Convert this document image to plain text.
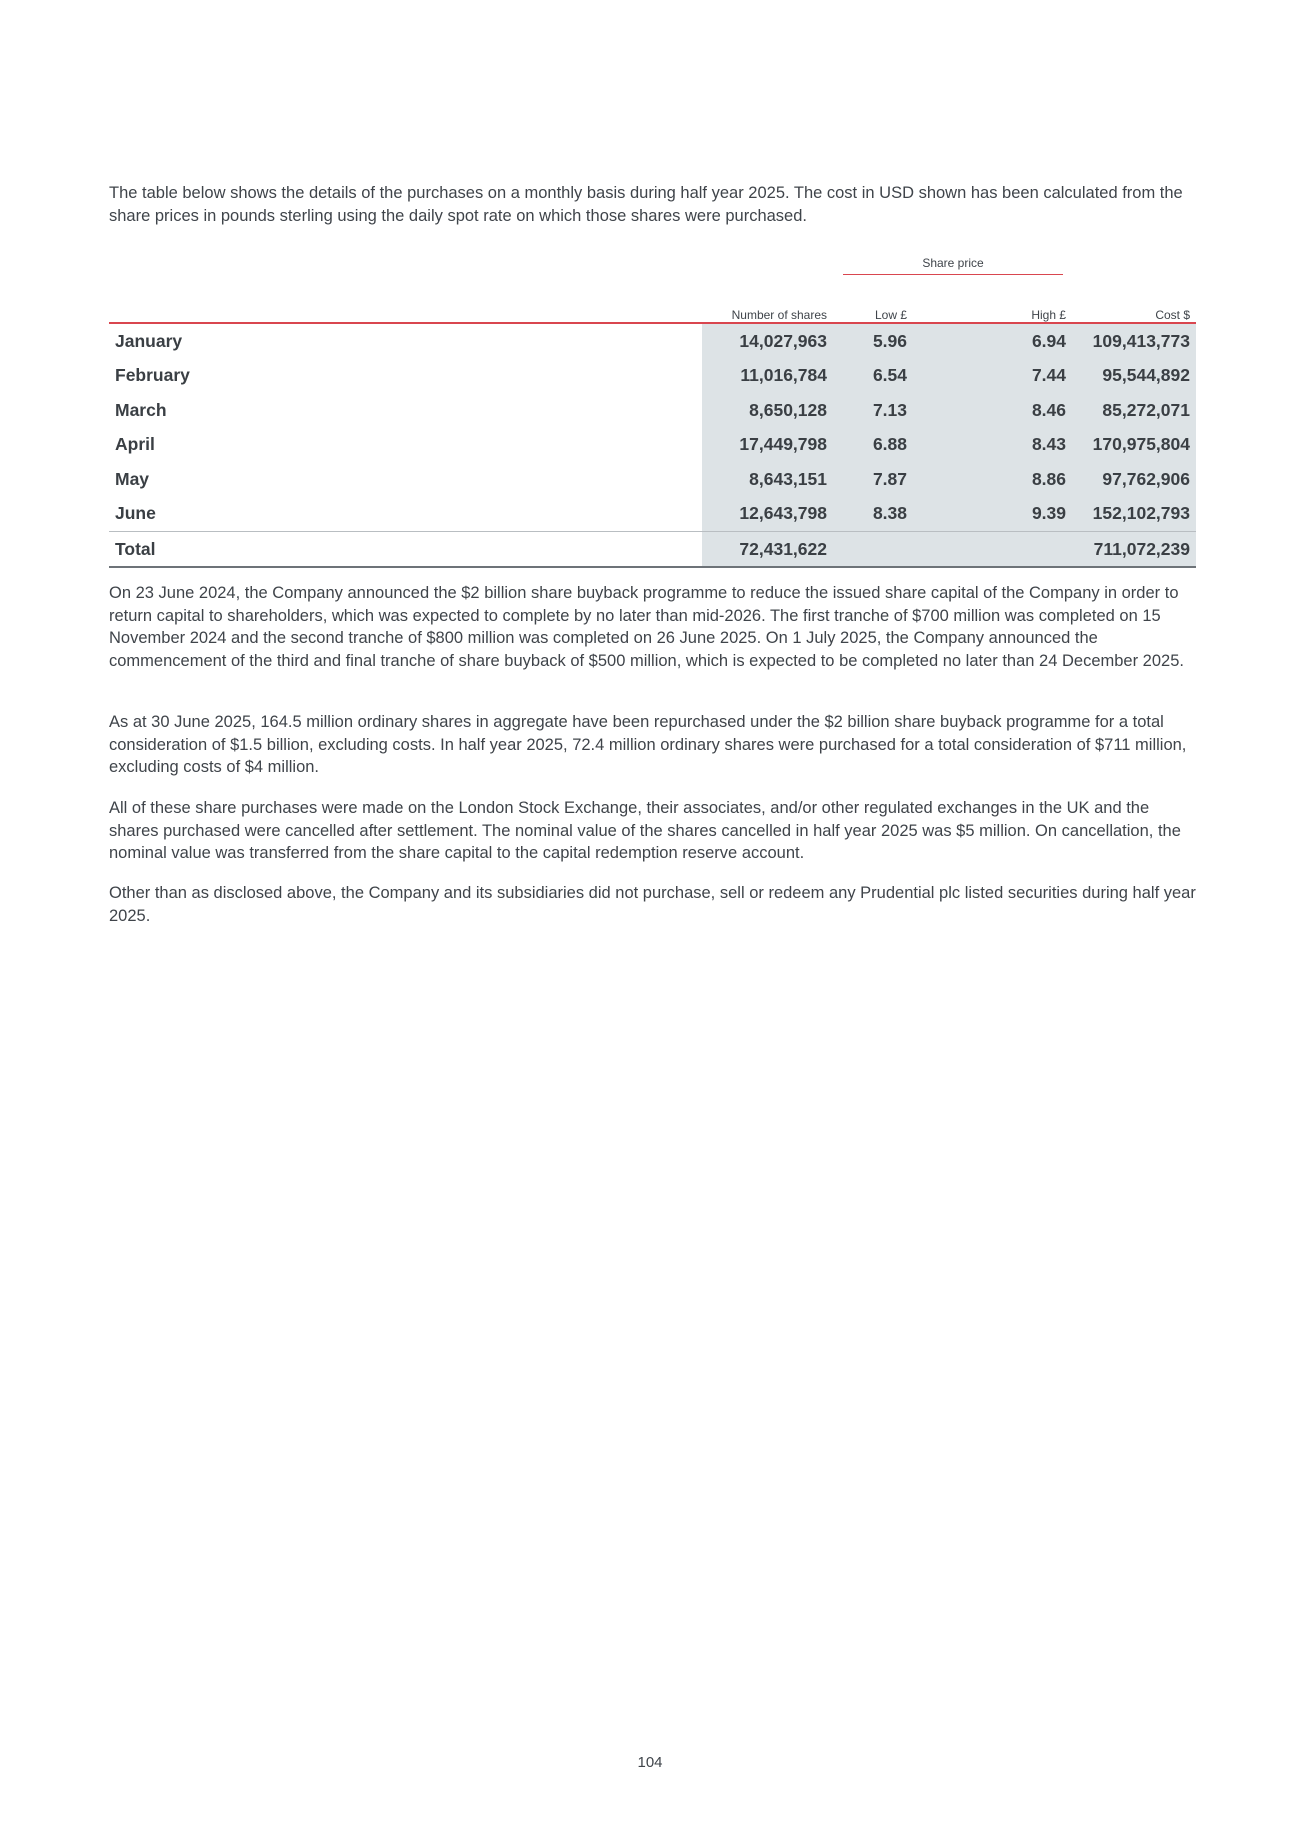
The table below shows the details of the purchases on a monthly basis during half year 2025. The cost in USD shown has been calculated from the share prices in pounds sterling using the daily spot rate on which those shares were purchased.

Share price
	Number of shares	Low £	High £	Cost $
January	14,027,963	5.96	6.94	109,413,773
February	11,016,784	6.54	7.44	95,544,892
March	8,650,128	7.13	8.46	85,272,071
April	17,449,798	6.88	8.43	170,975,804
May	8,643,151	7.87	8.86	97,762,906
June	12,643,798	8.38	9.39	152,102,793
Total	72,431,622			711,072,239

On 23 June 2024, the Company announced the $2 billion share buyback programme to reduce the issued share capital of the Company in order to return capital to shareholders, which was expected to complete by no later than mid-2026. The first tranche of $700 million was completed on 15 November 2024 and the second tranche of $800 million was completed on 26 June 2025. On 1 July 2025, the Company announced the commencement of the third and final tranche of share buyback of $500 million, which is expected to be completed no later than 24 December 2025.

As at 30 June 2025, 164.5 million ordinary shares in aggregate have been repurchased under the $2 billion share buyback programme for a total consideration of $1.5 billion, excluding costs. In half year 2025, 72.4 million ordinary shares were purchased for a total consideration of $711 million, excluding costs of $4 million.

All of these share purchases were made on the London Stock Exchange, their associates, and/or other regulated exchanges in the UK and the shares purchased were cancelled after settlement. The nominal value of the shares cancelled in half year 2025 was $5 million. On cancellation, the nominal value was transferred from the share capital to the capital redemption reserve account.

Other than as disclosed above, the Company and its subsidiaries did not purchase, sell or redeem any Prudential plc listed securities during half year 2025.

104
